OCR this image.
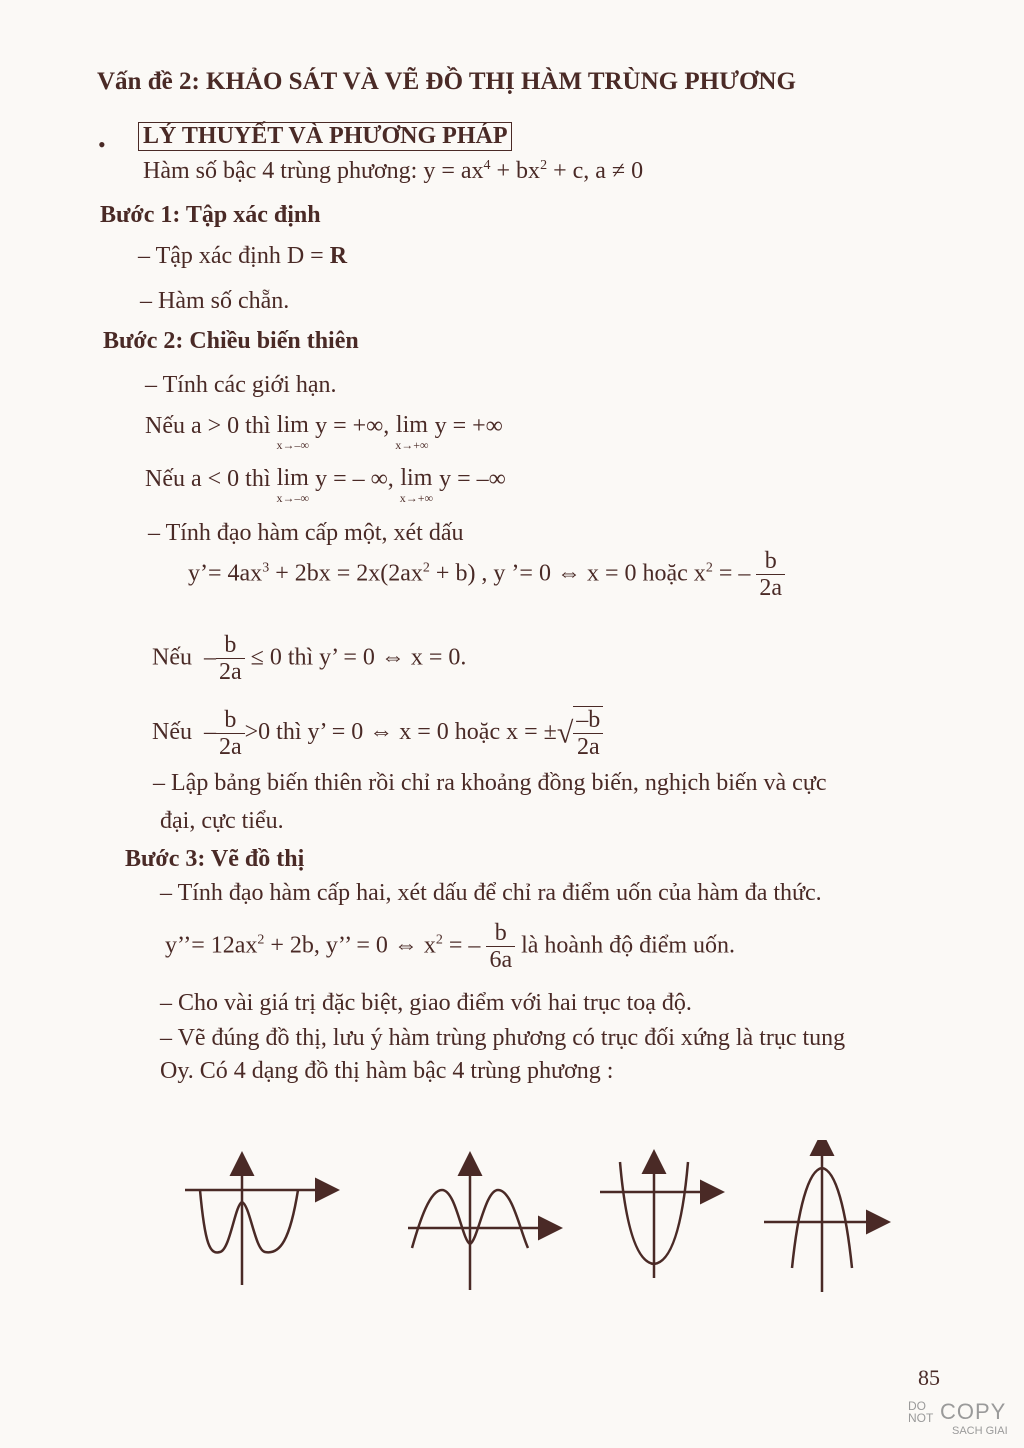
Vấn đề 2: KHẢO SÁT VÀ VẼ ĐỒ THỊ HÀM TRÙNG PHƯƠNG
• LÝ THUYẾT VÀ PHƯƠNG PHÁP
Hàm số bậc 4 trùng phương: $y = ax^4 + bx^2 + c$, a ≠ 0
Bước 1: Tập xác định
– Tập xác định D = R
– Hàm số chẵn.
Bước 2: Chiều biến thiên
– Tính các giới hạn.
Nếu a > 0 thì lim
x→–∞
y = +∞, lim
x→+∞
y = +∞
Nếu a < 0 thì lim
x→–∞
y = – ∞, lim
x→+∞
y = –∞
– Tính đạo hàm cấp một, xét dấu
y’= $4ax^3 + 2bx = 2x(2ax^2 + b)$ , y ’= 0 ⇔ x = 0 hoặc $x^2$ = – $\frac{b}{2a}$
Nếu  – $\frac{b}{2a} \le 0$ thì y’ = 0 ⇔ x = 0.
Nếu  – $\frac{b}{2a} >0$ thì y’ = 0 ⇔ x = 0 hoặc x = ±√ $\frac{-b}{2a}$
– Lập bảng biến thiên rồi chỉ ra khoảng đồng biến, nghịch biến và cực
đại, cực tiểu.
Bước 3: Vẽ đồ thị
– Tính đạo hàm cấp hai, xét dấu để chỉ ra điểm uốn của hàm đa thức.
y’’= $12ax^2 + 2b$, y’’ = 0 ⇔ $x^2$ = – $\frac{b}{6a}$ là hoành độ điểm uốn.
– Cho vài giá trị đặc biệt, giao điểm với hai trục toạ độ.
– Vẽ đúng đồ thị, lưu ý hàm trùng phương có trục đối xứng là trục tung
Oy. Có 4 dạng đồ thị hàm bậc 4 trùng phương :
85
DO
NOT COPY
SACH GIAI
